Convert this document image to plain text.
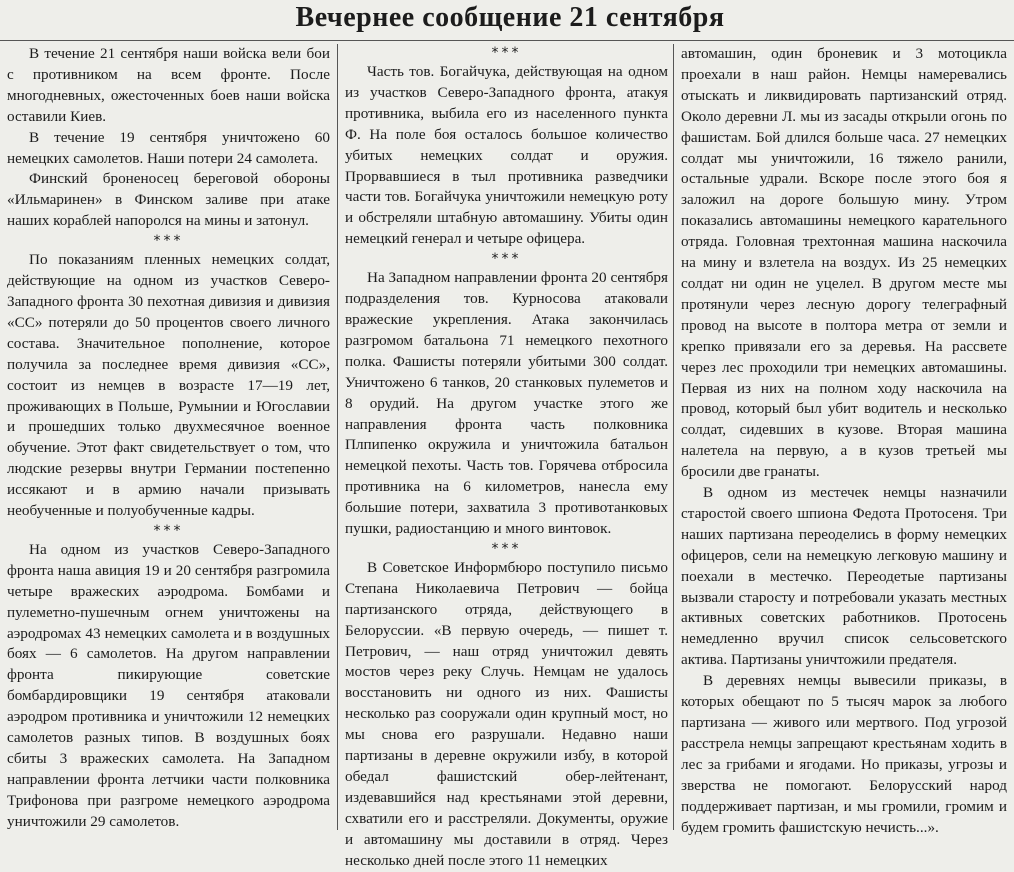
Вечернее сообщение 21 сентября

В течение 21 сентября наши войска вели бои с противником на всем фронте. После многодневных, ожесточенных боев наши войска оставили Киев.

В течение 19 сентября уничтожено 60 немецких самолетов. Наши потери 24 самолета.

Финский броненосец береговой обороны «Ильмаринен» в Финском заливе при атаке наших кораблей напоролся на мины и затонул.

***

По показаниям пленных немецких солдат, действующие на одном из участков Северо-Западного фронта 30 пехотная дивизия и дивизия «СС» потеряли до 50 процентов своего личного состава. Значительное пополнение, которое получила за последнее время дивизия «СС», состоит из немцев в возрасте 17—19 лет, проживающих в Польше, Румынии и Югославии и прошедших только двухмесячное военное обучение. Этот факт свидетельствует о том, что людские резервы внутри Германии постепенно иссякают и в армию начали призывать необученные и полуобученные кадры.

***

На одном из участков Северо-Западного фронта наша авиция 19 и 20 сентября разгромила четыре вражеских аэродрома. Бомбами и пулеметно-пушечным огнем уничтожены на аэродромах 43 немецких самолета и в воздушных боях — 6 самолетов. На другом направлении фронта пикирующие советские бомбардировщики 19 сентября атаковали аэродром противника и уничтожили 12 немецких самолетов разных типов. В воздушных боях сбиты 3 вражеских самолета. На Западном направлении фронта летчики части полковника Трифонова при разгроме немецкого аэродрома уничтожили 29 самолетов.

***

Часть тов. Богайчука, действующая на одном из участков Северо-Западного фронта, атакуя противника, выбила его из населенного пункта Ф. На поле боя осталось большое количество убитых немецких солдат и оружия. Прорвавшиеся в тыл противника разведчики части тов. Богайчука уничтожили немецкую роту и обстреляли штабную автомашину. Убиты один немецкий генерал и четыре офицера.

***

На Западном направлении фронта 20 сентября подразделения тов. Курносова атаковали вражеские укрепления. Атака закончилась разгромом батальона 71 немецкого пехотного полка. Фашисты потеряли убитыми 300 солдат. Уничтожено 6 танков, 20 станковых пулеметов и 8 орудий. На другом участке этого же направления фронта часть полковника Плпипенко окружила и уничтожила батальон немецкой пехоты. Часть тов. Горячева отбросила противника на 6 километров, нанесла ему большие потери, захватила 3 противотанковых пушки, радиостанцию и много винтовок.

***

В Советское Информбюро поступило письмо Степана Николаевича Петрович — бойца партизанского отряда, действующего в Белоруссии. «В первую очередь, — пишет т. Петрович, — наш отряд уничтожил девять мостов через реку Случь. Немцам не удалось восстановить ни одного из них. Фашисты несколько раз сооружали один крупный мост, но мы снова его разрушали. Недавно наши партизаны в деревне окружили избу, в которой обедал фашистский обер-лейтенант, издевавшийся над крестьянами этой деревни, схватили его и расстреляли. Документы, оружие и автомашину мы доставили в отряд. Через несколько дней после этого 11 немецких

автомашин, один броневик и 3 мотоцикла проехали в наш район. Немцы намеревались отыскать и ликвидировать партизанский отряд. Около деревни Л. мы из засады открыли огонь по фашистам. Бой длился больше часа. 27 немецких солдат мы уничтожили, 16 тяжело ранили, остальные удрали. Вскоре после этого боя я заложил на дороге большую мину. Утром показались автомашины немецкого карательного отряда. Головная трехтонная машина наскочила на мину и взлетела на воздух. Из 25 немецких солдат ни один не уцелел. В другом месте мы протянули через лесную дорогу телеграфный провод на высоте в полтора метра от земли и крепко привязали его за деревья. На рассвете через лес проходили три немецких автомашины. Первая из них на полном ходу наскочила на провод, который был убит водитель и несколько солдат, сидевших в кузове. Вторая машина налетела на первую, а в кузов третьей мы бросили две гранаты.

В одном из местечек немцы назначили старостой своего шпиона Федота Протосеня. Три наших партизана переоделись в форму немецких офицеров, сели на немецкую легковую машину и поехали в местечко. Переодетые партизаны вызвали старосту и потребовали указать местных активных советских работников. Протосень немедленно вручил список сельсоветского актива. Партизаны уничтожили предателя.

В деревнях немцы вывесили приказы, в которых обещают по 5 тысяч марок за любого партизана — живого или мертвого. Под угрозой расстрела немцы запрещают крестьянам ходить в лес за грибами и ягодами. Но приказы, угрозы и зверства не помогают. Белорусский народ поддерживает партизан, и мы громили, громим и будем громить фашистскую нечисть...».
